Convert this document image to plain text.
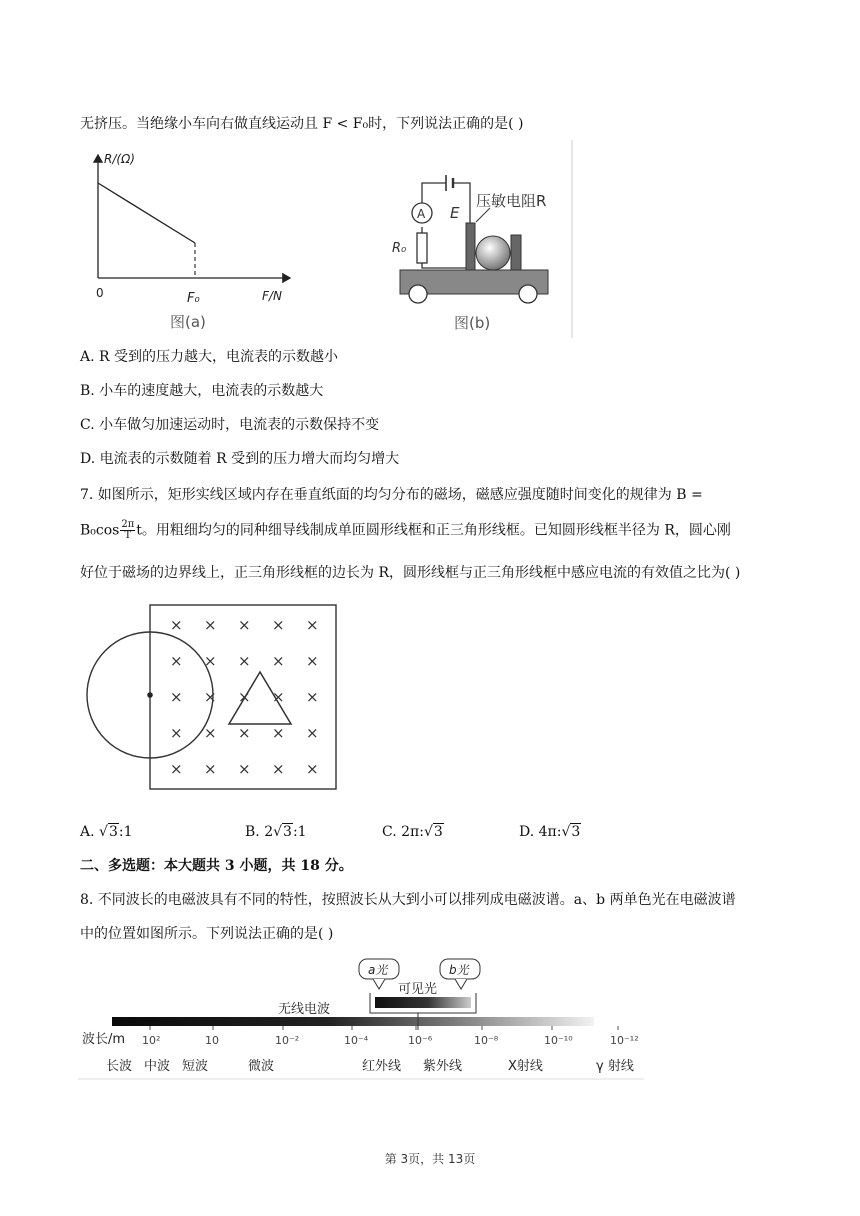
无挤压。当绝缘小车向右做直线运动且 F < F₀时，下列说法正确的是( )
R/(Ω)
0	F₀	F/N
图(a)
A
R₀
E
压敏电阻R
图(b)
A. R 受到的压力越大，电流表的示数越小
B. 小车的速度越大，电流表的示数越大
C. 小车做匀加速运动时，电流表的示数保持不变
D. 电流表的示数随着 R 受到的压力增大而均匀增大
7. 如图所示，矩形实线区域内存在垂直纸面的均匀分布的磁场，磁感应强度随时间变化的规律为 B =
$B_0\cos \frac{2\pi}{T}$ t。用粗细均匀的同种细导线制成单匝圆形线框和正三角形线框。已知圆形线框半径为 R，圆心刚
好位于磁场的边界线上，正三角形线框的边长为 R，圆形线框与正三角形线框中感应电流的有效值之比为( )
× × × × ×
× × × × ×
× × × × ×
× × × × ×
× × × × ×
A. √3:1	B. 2√3:1	C. 2π:√3	D. 4π:√3
二、多选题：本大题共 3 小题，共 18 分。
8. 不同波长的电磁波具有不同的特性，按照波长从大到小可以排列成电磁波谱。a、b 两单色光在电磁波谱
中的位置如图所示。下列说法正确的是( )
a光	b光
可见光
无线电波
波长/m 10²	10	10⁻²	10⁻⁴	10⁻⁶	10⁻⁸	10⁻¹⁰	10⁻¹²
长波 中波 短波	微波	红外线 紫外线	X射线	γ 射线
第 3页，共 13页
